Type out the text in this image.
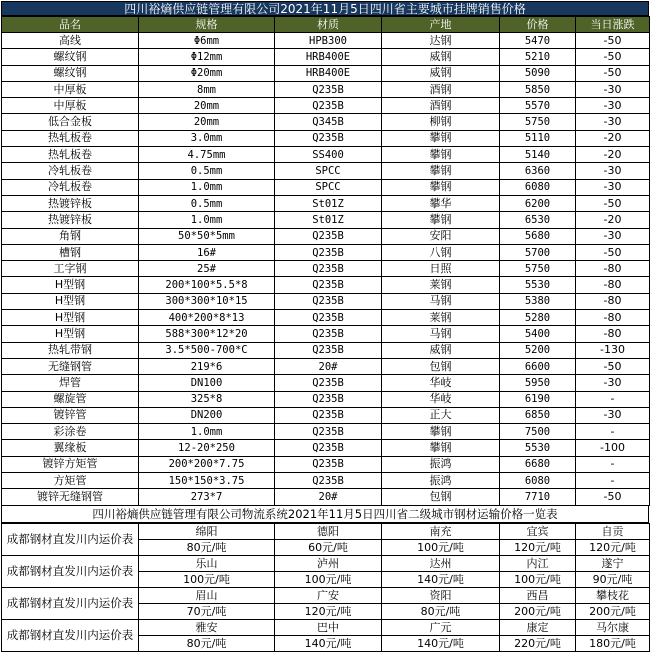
四川裕熵供应链管理有限公司2021年11月5日四川省主要城市挂牌销售价格
品名	规格	材质	产地	价格	当日涨跌
高线	Φ6mm	HPB300	达钢	5470	-50
螺纹钢	Φ12mm	HRB400E	威钢	5210	-50
螺纹钢	Φ20mm	HRB400E	威钢	5090	-50
中厚板	8mm	Q235B	酒钢	5850	-30
中厚板	20mm	Q235B	酒钢	5570	-30
低合金板	20mm	Q345B	柳钢	5750	-30
热轧板卷	3.0mm	Q235B	攀钢	5110	-20
热轧板卷	4.75mm	SS400	攀钢	5140	-20
冷轧板卷	0.5mm	SPCC	攀钢	6360	-30
冷轧板卷	1.0mm	SPCC	攀钢	6080	-30
热镀锌板	0.5mm	St01Z	攀华	6200	-50
热镀锌板	1.0mm	St01Z	攀钢	6530	-20
角钢	50*50*5mm	Q235B	安阳	5680	-30
槽钢	16#	Q235B	八钢	5700	-50
工字钢	25#	Q235B	日照	5750	-80
H型钢	200*100*5.5*8	Q235B	莱钢	5530	-80
H型钢	300*300*10*15	Q235B	马钢	5380	-80
H型钢	400*200*8*13	Q235B	莱钢	5280	-80
H型钢	588*300*12*20	Q235B	马钢	5400	-80
热轧带钢	3.5*500-700*C	Q235B	威钢	5200	-130
无缝钢管	219*6	20#	包钢	6600	-50
焊管	DN100	Q235B	华岐	5950	-30
螺旋管	325*8	Q235B	华岐	6190	-
镀锌管	DN200	Q235B	正大	6850	-30
彩涂卷	1.0mm	Q235B	攀钢	7500	-
翼缘板	12-20*250	Q235B	攀钢	5530	-100
镀锌方矩管	200*200*7.75	Q235B	振鸿	6680	-
方矩管	150*150*3.75	Q235B	振鸿	6080	-
镀锌无缝钢管	273*7	20#	包钢	7710	-50
四川裕熵供应链管理有限公司物流系统2021年11月5日四川省二级城市钢材运输价格一览表
成都钢材直发川内运价表	绵阳	德阳	南充	宜宾	自贡
	80元/吨	60元/吨	100元/吨	120元/吨	120元/吨
成都钢材直发川内运价表	乐山	泸州	达州	内江	遂宁
	100元/吨	100元/吨	140元/吨	100元/吨	90元/吨
成都钢材直发川内运价表	眉山	广安	资阳	西昌	攀枝花
	70元/吨	120元/吨	80元/吨	200元/吨	200元/吨
成都钢材直发川内运价表	雅安	巴中	广元	康定	马尔康
	80元/吨	140元/吨	140元/吨	220元/吨	180元/吨
